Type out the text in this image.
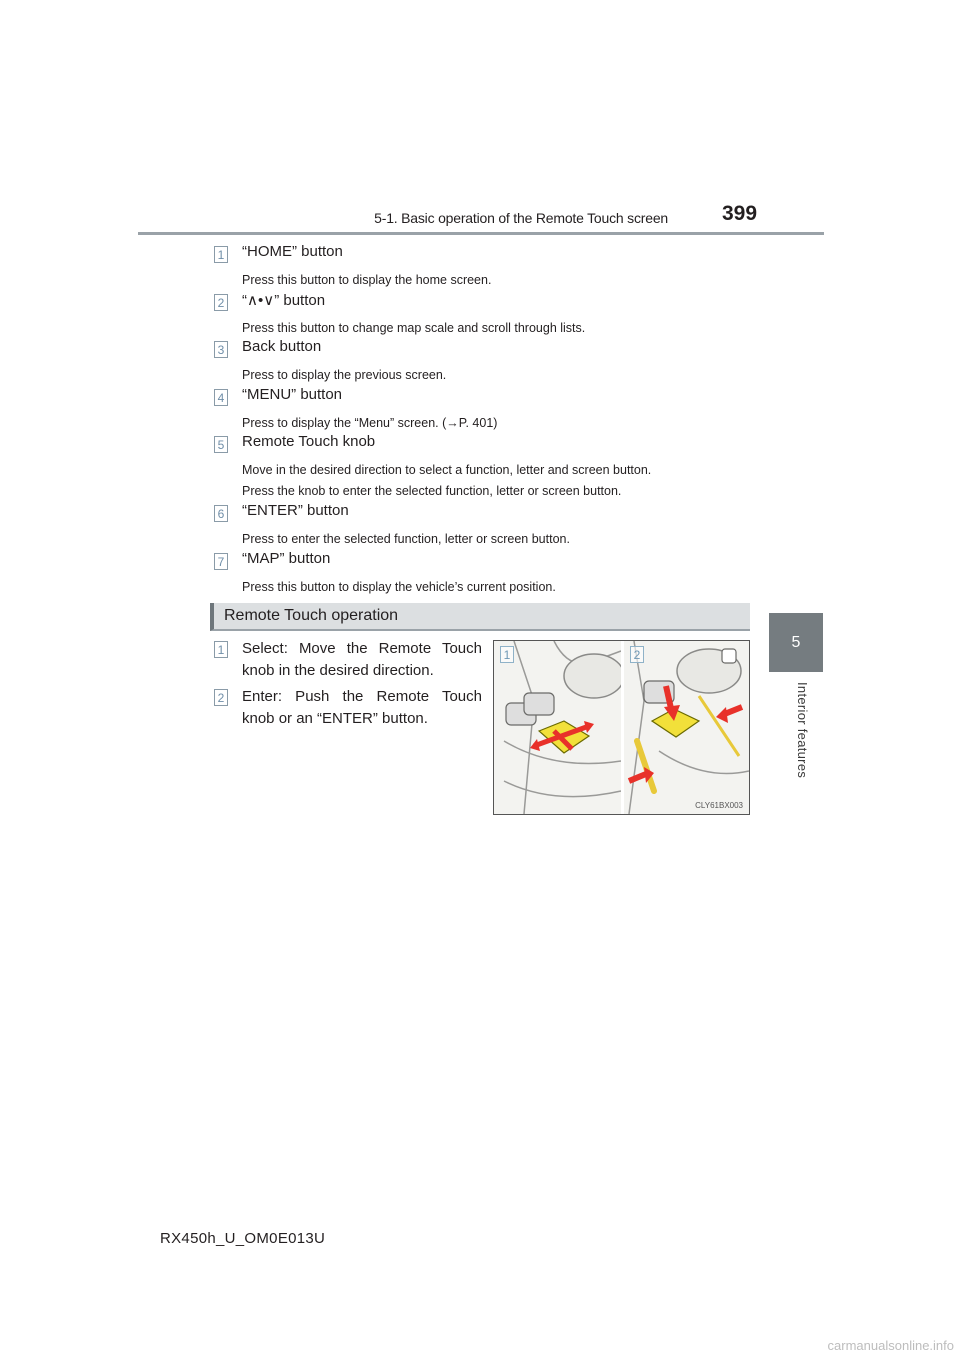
5-1. Basic operation of the Remote Touch screen	399
5
Interior features
1 “HOME” button
Press this button to display the home screen.
2 “∧•∨” button
Press this button to change map scale and scroll through lists.
3 Back button
Press to display the previous screen.
4 “MENU” button
Press to display the “Menu” screen. (→P. 401)
5 Remote Touch knob
Move in the desired direction to select a function, letter and screen button.
Press the knob to enter the selected function, letter or screen button.
6 “ENTER” button
Press to enter the selected function, letter or screen button.
7 “MAP” button
Press this button to display the vehicle’s current position.
Remote Touch operation
1 Select: Move the Remote Touch knob in the desired direction.
2 Enter: Push the Remote Touch knob or an “ENTER” button.
1	2
CLY61BX003
RX450h_U_OM0E013U
carmanualsonline.info
